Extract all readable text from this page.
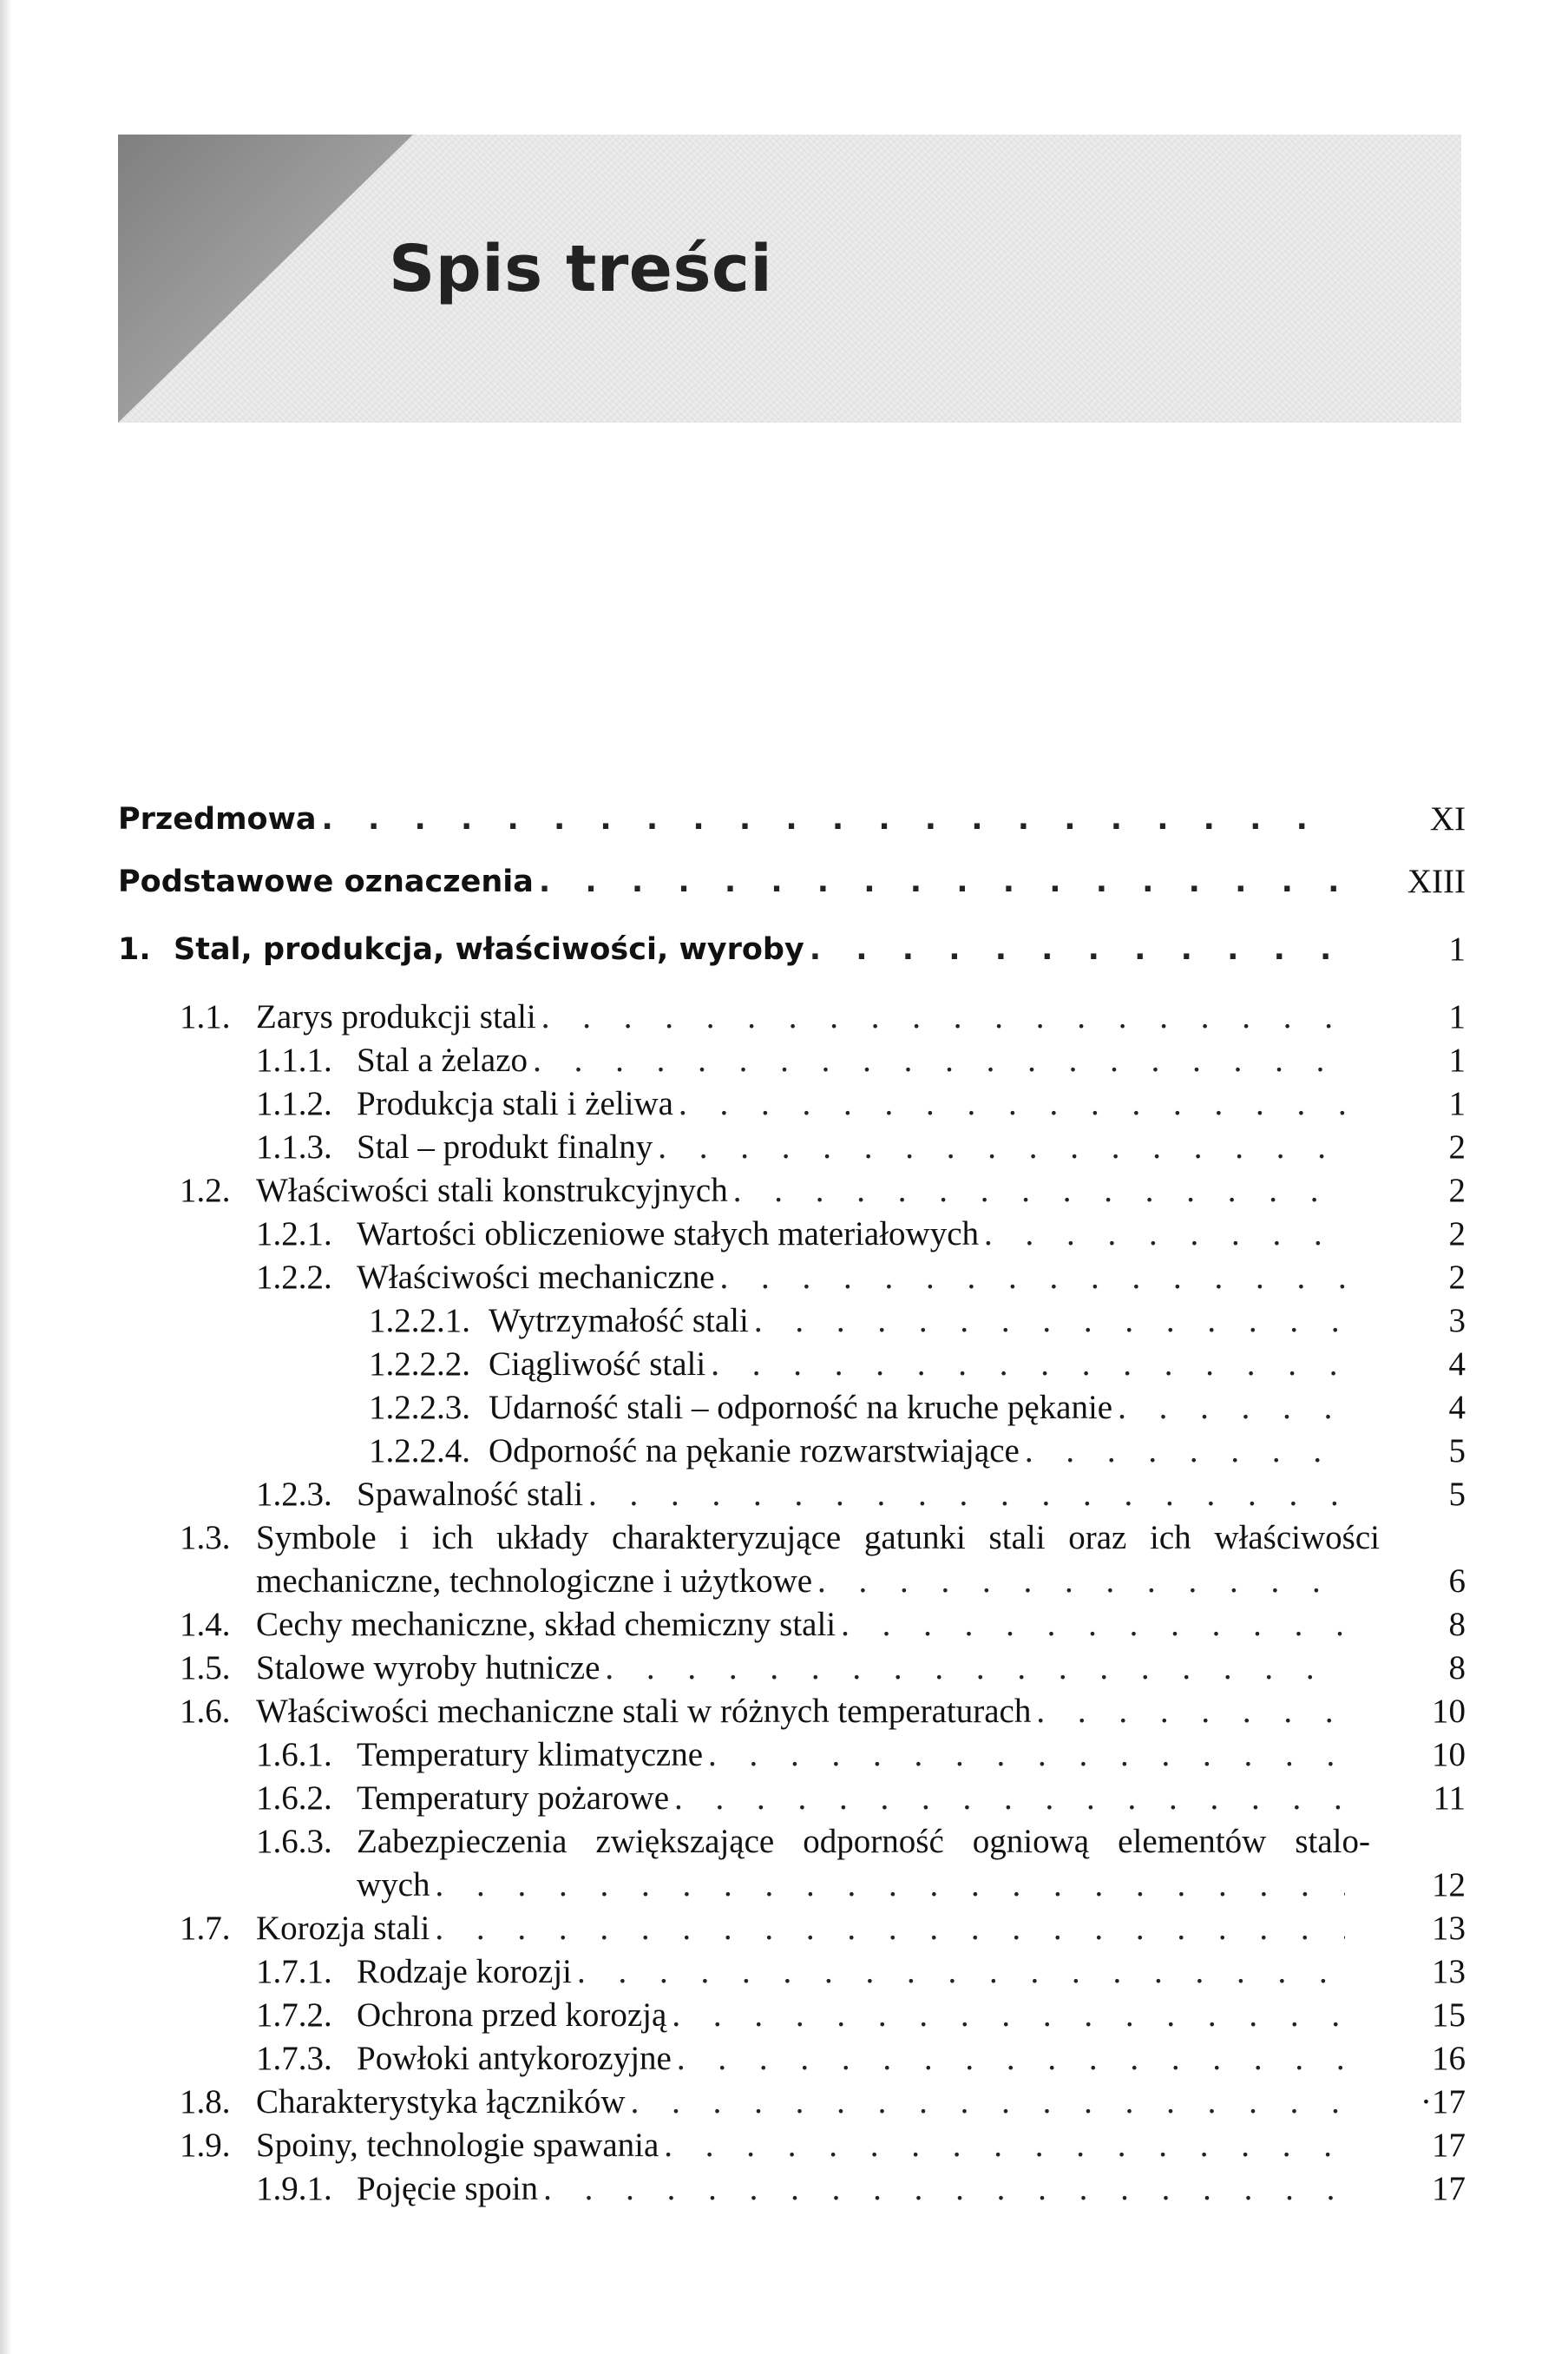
Spis treści
Przedmowa . . .	XI
Podstawowe oznaczenia . . .	XIII
1. Stal, produkcja, właściwości, wyroby . . .	1
1.1. Zarys produkcji stali . . .	1
1.1.1. Stal a żelazo . . .	1
1.1.2. Produkcja stali i żeliwa . . .	1
1.1.3. Stal – produkt finalny . . .	2
1.2. Właściwości stali konstrukcyjnych . . .	2
1.2.1. Wartości obliczeniowe stałych materiałowych . . .	2
1.2.2. Właściwości mechaniczne . . .	2
1.2.2.1. Wytrzymałość stali . . .	3
1.2.2.2. Ciągliwość stali . . .	4
1.2.2.3. Udarność stali – odporność na kruche pękanie . . .	4
1.2.2.4. Odporność na pękanie rozwarstwiające . . .	5
1.2.3. Spawalność stali . . .	5
1.3. Symbole i ich układy charakteryzujące gatunki stali oraz ich właściwości
mechaniczne, technologiczne i użytkowe . . .	6
1.4. Cechy mechaniczne, skład chemiczny stali . . .	8
1.5. Stalowe wyroby hutnicze . . .	8
1.6. Właściwości mechaniczne stali w różnych temperaturach . . .	10
1.6.1. Temperatury klimatyczne . . .	10
1.6.2. Temperatury pożarowe . . .	11
1.6.3. Zabezpieczenia zwiększające odporność ogniową elementów stalo-
wych . . .	12
1.7. Korozja stali . . .	13
1.7.1. Rodzaje korozji . . .	13
1.7.2. Ochrona przed korozją . . .	15
1.7.3. Powłoki antykorozyjne . . .	16
1.8. Charakterystyka łączników . . .	·17
1.9. Spoiny, technologie spawania . . .	17
1.9.1. Pojęcie spoin . . .	17
